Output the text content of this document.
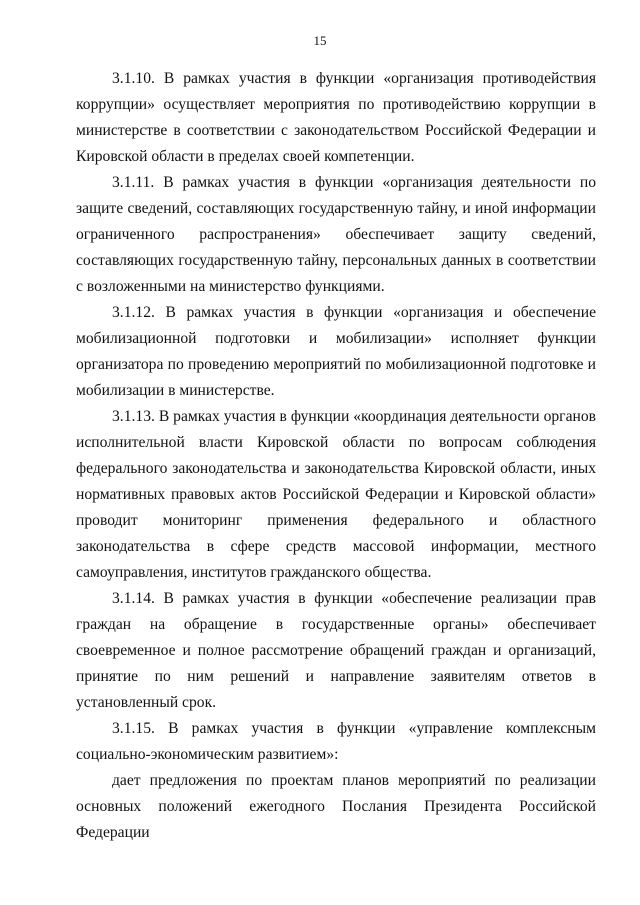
15

3.1.10. В рамках участия в функции «организация противодействия коррупции» осуществляет мероприятия по противодействию коррупции в министерстве в соответствии с законодательством Российской Федерации и Кировской области в пределах своей компетенции.

3.1.11. В рамках участия в функции «организация деятельности по защите сведений, составляющих государственную тайну, и иной информации ограниченного распространения» обеспечивает защиту сведений, составляющих государственную тайну, персональных данных в соответствии с возложенными на министерство функциями.

3.1.12. В рамках участия в функции «организация и обеспечение мобилизационной подготовки и мобилизации» исполняет функции организатора по проведению мероприятий по мобилизационной подготовке и мобилизации в министерстве.

3.1.13. В рамках участия в функции «координация деятельности органов исполнительной власти Кировской области по вопросам соблюдения федерального законодательства и законодательства Кировской области, иных нормативных правовых актов Российской Федерации и Кировской области» проводит мониторинг применения федерального и областного законодательства в сфере средств массовой информации, местного самоуправления, институтов гражданского общества.

3.1.14. В рамках участия в функции «обеспечение реализации прав граждан на обращение в государственные органы» обеспечивает своевременное и полное рассмотрение обращений граждан и организаций, принятие по ним решений и направление заявителям ответов в установленный срок.

3.1.15. В рамках участия в функции «управление комплексным социально-экономическим развитием»:

дает предложения по проектам планов мероприятий по реализации основных положений ежегодного Послания Президента Российской Федерации
